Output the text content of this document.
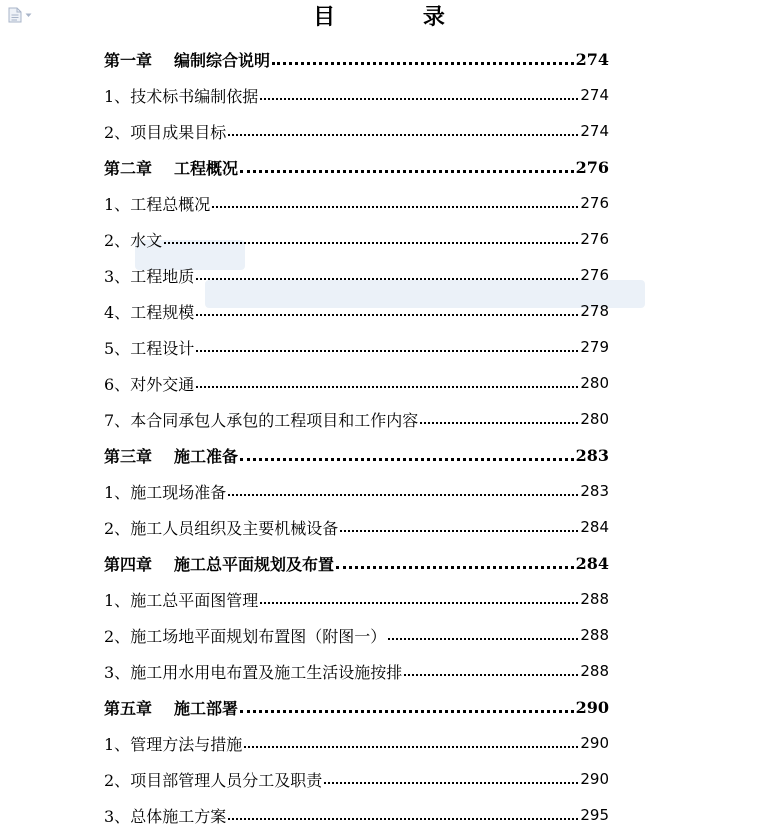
目 录
第一章 编制综合说明	274
1、技术标书编制依据	274
2、项目成果目标	274
第二章 工程概况	276
1、工程总概况	276
2、水文	276
3、工程地质	276
4、工程规模	278
5、工程设计	279
6、对外交通	280
7、本合同承包人承包的工程项目和工作内容	280
第三章 施工准备	283
1、施工现场准备	283
2、施工人员组织及主要机械设备	284
第四章 施工总平面规划及布置	284
1、施工总平面图管理	288
2、施工场地平面规划布置图（附图一）	288
3、施工用水用电布置及施工生活设施按排	288
第五章 施工部署	290
1、管理方法与措施	290
2、项目部管理人员分工及职责	290
3、总体施工方案	295
